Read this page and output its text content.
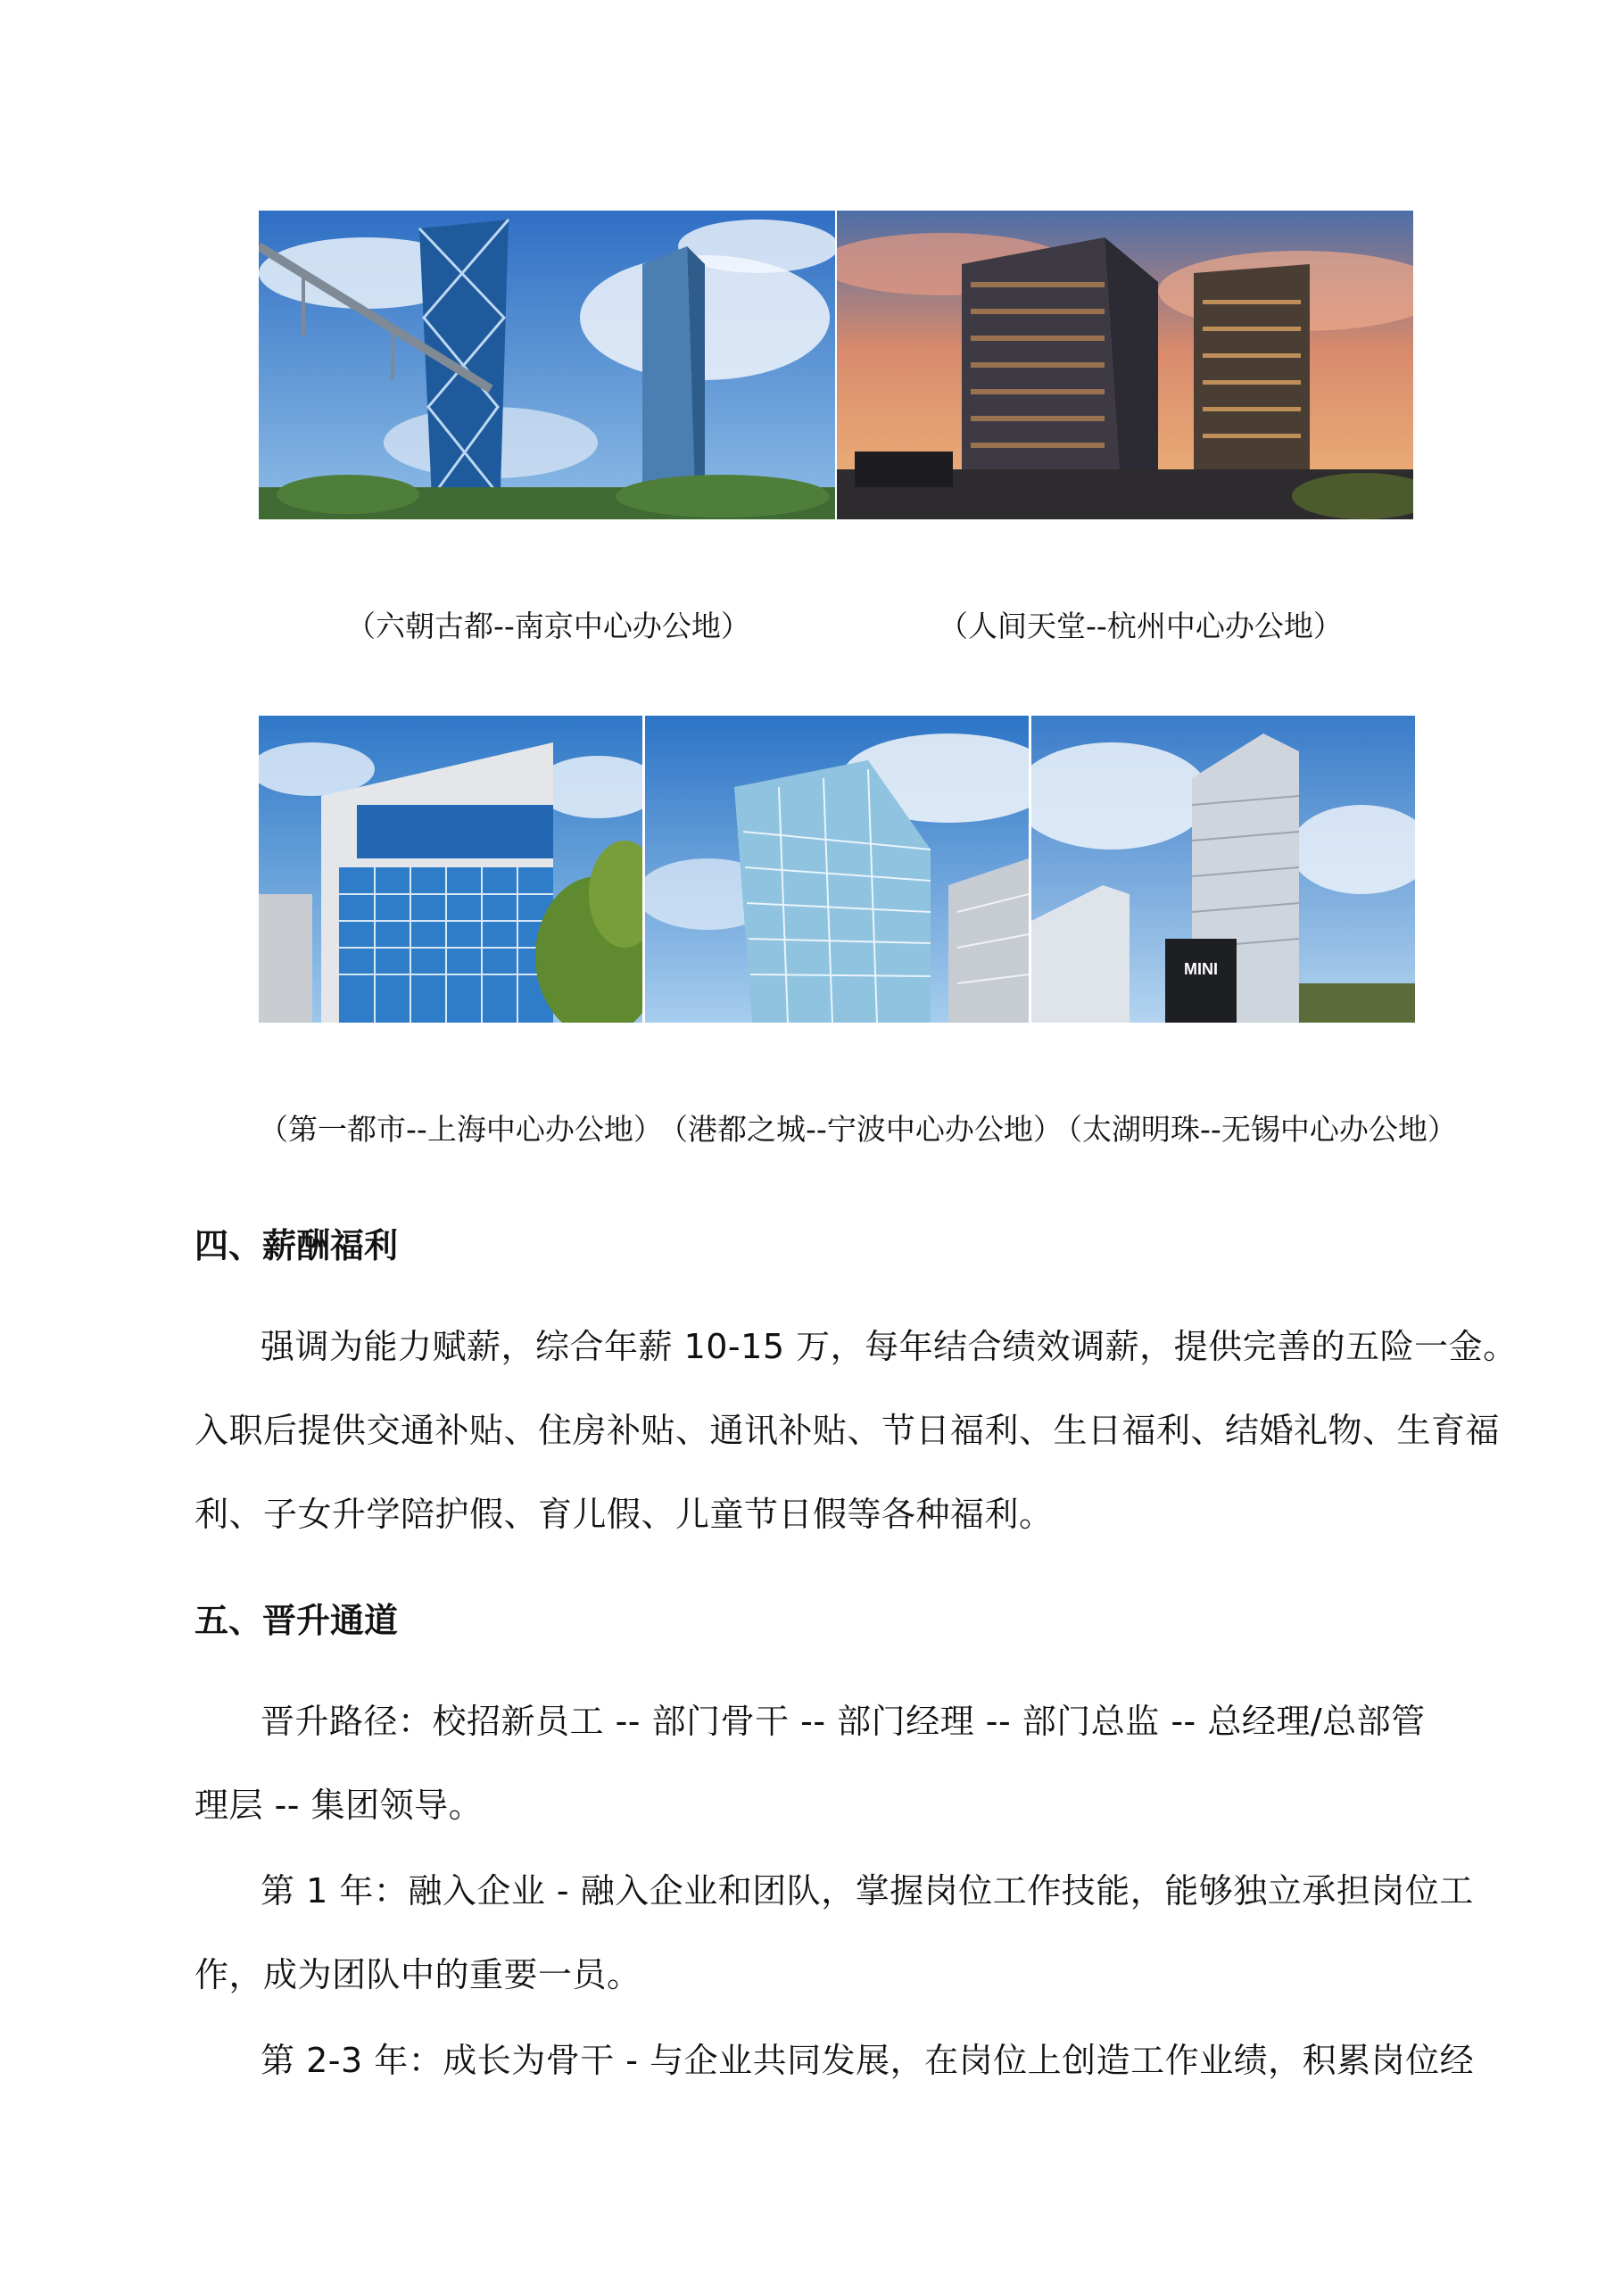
（六朝古都--南京中心办公地）	（人间天堂--杭州中心办公地）
MINI
（第一都市--上海中心办公地）
（港都之城--宁波中心办公地）
（太湖明珠--无锡中心办公地）
四、薪酬福利
强调为能力赋薪，综合年薪 10-15 万，每年结合绩效调薪，提供完善的五险一金。
入职后提供交通补贴、住房补贴、通讯补贴、节日福利、生日福利、结婚礼物、生育福
利、子女升学陪护假、育儿假、儿童节日假等各种福利。
五、晋升通道
晋升路径：校招新员工 -- 部门骨干 -- 部门经理 -- 部门总监 -- 总经理/总部管
理层 -- 集团领导。
第 1 年：融入企业 - 融入企业和团队，掌握岗位工作技能，能够独立承担岗位工
作，成为团队中的重要一员。
第 2-3 年：成长为骨干 - 与企业共同发展，在岗位上创造工作业绩，积累岗位经
